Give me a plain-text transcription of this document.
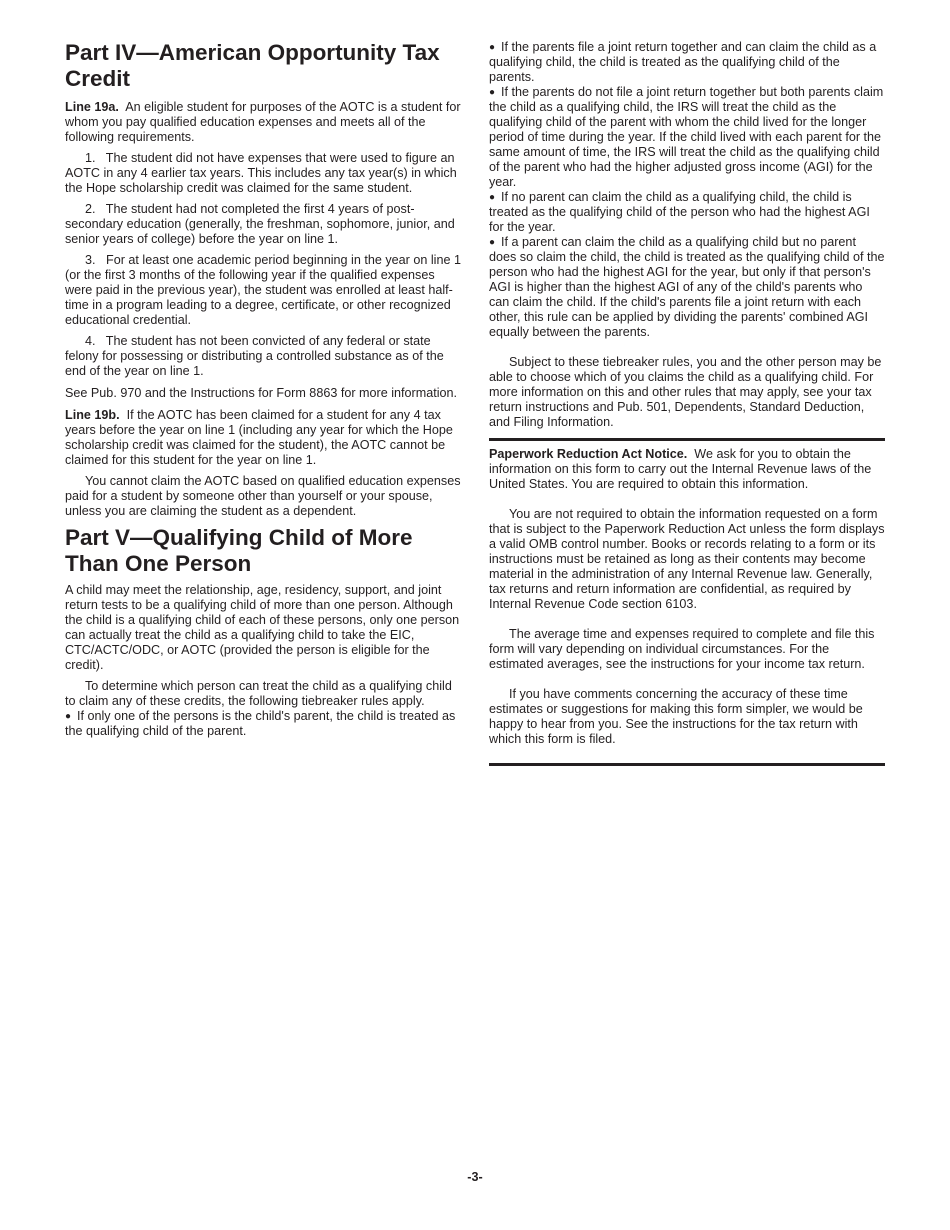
Part IV—American Opportunity Tax Credit

Line 19a. An eligible student for purposes of the AOTC is a student for whom you pay qualified education expenses and meets all of the following requirements.

1. The student did not have expenses that were used to figure an AOTC in any 4 earlier tax years. This includes any tax year(s) in which the Hope scholarship credit was claimed for the same student.

2. The student had not completed the first 4 years of post-secondary education (generally, the freshman, sophomore, junior, and senior years of college) before the year on line 1.

3. For at least one academic period beginning in the year on line 1 (or the first 3 months of the following year if the qualified expenses were paid in the previous year), the student was enrolled at least half-time in a program leading to a degree, certificate, or other recognized educational credential.

4. The student has not been convicted of any federal or state felony for possessing or distributing a controlled substance as of the end of the year on line 1.

See Pub. 970 and the Instructions for Form 8863 for more information.

Line 19b. If the AOTC has been claimed for a student for any 4 tax years before the year on line 1 (including any year for which the Hope scholarship credit was claimed for the student), the AOTC cannot be claimed for this student for the year on line 1.

You cannot claim the AOTC based on qualified education expenses paid for a student by someone other than yourself or your spouse, unless you are claiming the student as a dependent.

Part V—Qualifying Child of More Than One Person

A child may meet the relationship, age, residency, support, and joint return tests to be a qualifying child of more than one person. Although the child is a qualifying child of each of these persons, only one person can actually treat the child as a qualifying child to take the EIC, CTC/ACTC/ODC, or AOTC (provided the person is eligible for the credit).

To determine which person can treat the child as a qualifying child to claim any of these credits, the following tiebreaker rules apply.

● If only one of the persons is the child's parent, the child is treated as the qualifying child of the parent.

● If the parents file a joint return together and can claim the child as a qualifying child, the child is treated as the qualifying child of the parents.

● If the parents do not file a joint return together but both parents claim the child as a qualifying child, the IRS will treat the child as the qualifying child of the parent with whom the child lived for the longer period of time during the year. If the child lived with each parent for the same amount of time, the IRS will treat the child as the qualifying child of the parent who had the higher adjusted gross income (AGI) for the year.

● If no parent can claim the child as a qualifying child, the child is treated as the qualifying child of the person who had the highest AGI for the year.

● If a parent can claim the child as a qualifying child but no parent does so claim the child, the child is treated as the qualifying child of the person who had the highest AGI for the year, but only if that person's AGI is higher than the highest AGI of any of the child's parents who can claim the child. If the child's parents file a joint return with each other, this rule can be applied by dividing the parents' combined AGI equally between the parents.

Subject to these tiebreaker rules, you and the other person may be able to choose which of you claims the child as a qualifying child. For more information on this and other rules that may apply, see your tax return instructions and Pub. 501, Dependents, Standard Deduction, and Filing Information.

Paperwork Reduction Act Notice. We ask for you to obtain the information on this form to carry out the Internal Revenue laws of the United States. You are required to obtain this information.

You are not required to obtain the information requested on a form that is subject to the Paperwork Reduction Act unless the form displays a valid OMB control number. Books or records relating to a form or its instructions must be retained as long as their contents may become material in the administration of any Internal Revenue law. Generally, tax returns and return information are confidential, as required by Internal Revenue Code section 6103.

The average time and expenses required to complete and file this form will vary depending on individual circumstances. For the estimated averages, see the instructions for your income tax return.

If you have comments concerning the accuracy of these time estimates or suggestions for making this form simpler, we would be happy to hear from you. See the instructions for the tax return with which this form is filed.

-3-
